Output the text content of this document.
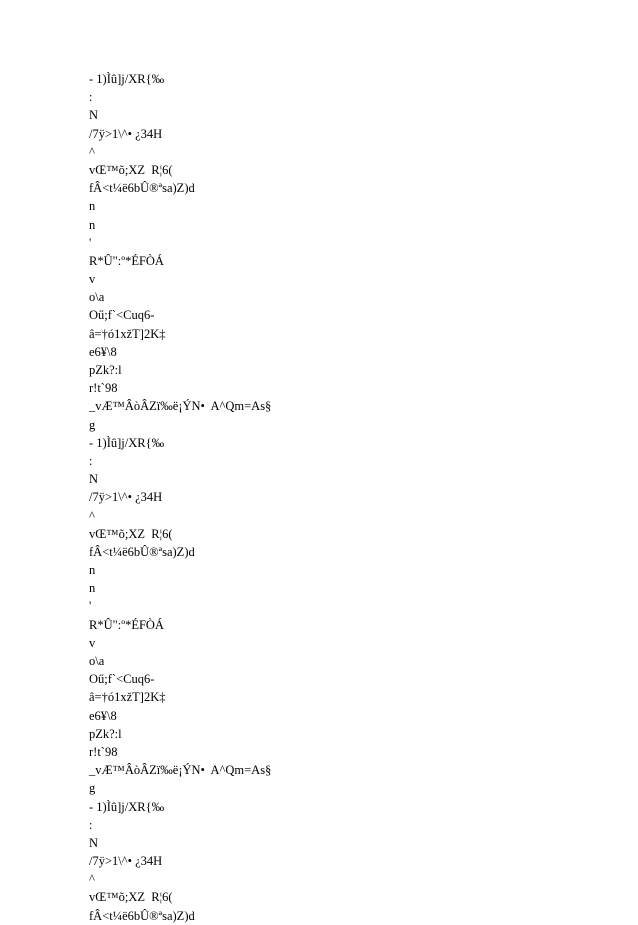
- 1)Ìû]j/XR{‰
:
N
/7ÿ>1\^• ¿34H
^
vŒ™õ;XZ  R¦6(
fÂ<t¼ë6bÛ®ªsa)Z)d
n
n
'
R*Û":º*ÉFÒÁ
v
o\a
Oű;f`<Cuq6-
â=†ó1xžT]2K‡
e6¥\8
pZk?:l
r!t`98
_vÆ™ÂòÂZï‰ë¡ÝN•  A^Qm=As§
g
- 1)Ìû]j/XR{‰
:
N
/7ÿ>1\^• ¿34H
^
vŒ™õ;XZ  R¦6(
fÂ<t¼ë6bÛ®ªsa)Z)d
n
n
'
R*Û":º*ÉFÒÁ
v
o\a
Oű;f`<Cuq6-
â=†ó1xžT]2K‡
e6¥\8
pZk?:l
r!t`98
_vÆ™ÂòÂZï‰ë¡ÝN•  A^Qm=As§
g
- 1)Ìû]j/XR{‰
:
N
/7ÿ>1\^• ¿34H
^
vŒ™õ;XZ  R¦6(
fÂ<t¼ë6bÛ®ªsa)Z)d
